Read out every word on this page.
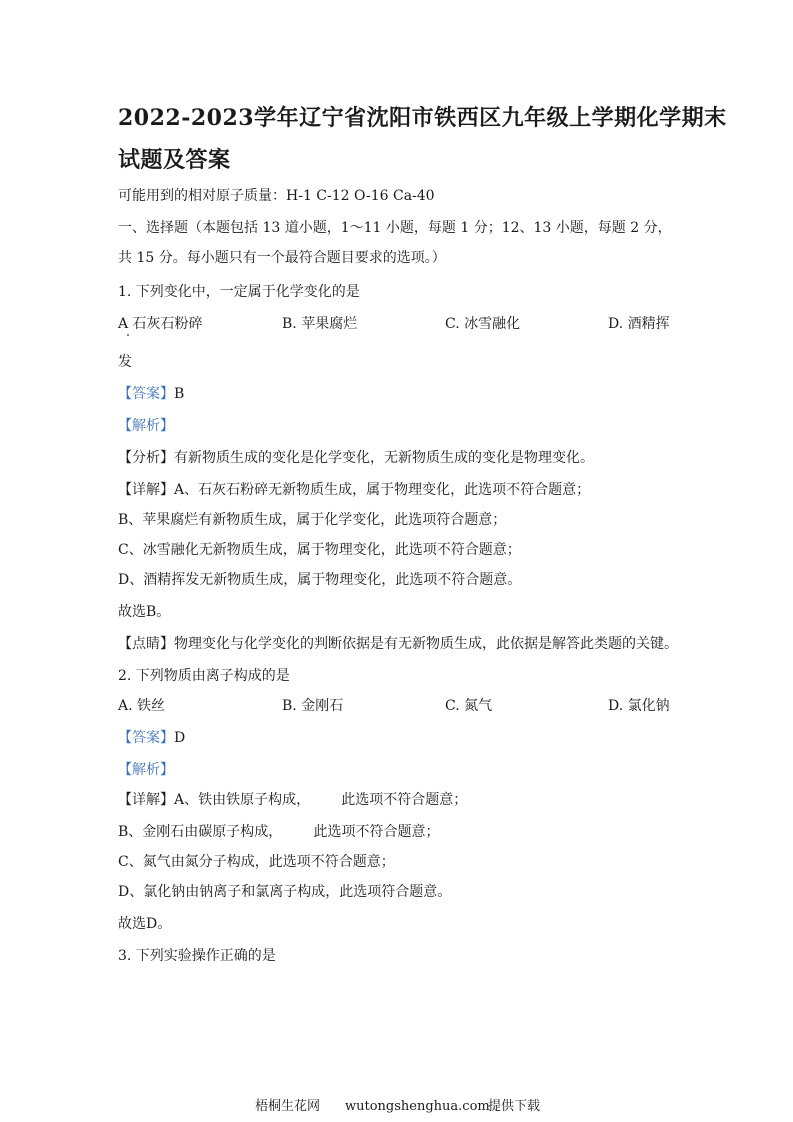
2022-2023学年辽宁省沈阳市铁西区九年级上学期化学期末
试题及答案
可能用到的相对原子质量：H-1 C-12 O-16 Ca-40
一、选择题（本题包括 13 道小题，1～11 小题，每题 1 分；12、13 小题，每题 2 分，
共 15 分。每小题只有一个最符合题目要求的选项。）
1. 下列变化中，一定属于化学变化的是
A 石灰石粉碎	B. 苹果腐烂	C. 冰雪融化	D. 酒精挥
发
【答案】B
【解析】
【分析】有新物质生成的变化是化学变化，无新物质生成的变化是物理变化。
【详解】A、石灰石粉碎无新物质生成，属于物理变化，此选项不符合题意；
B、苹果腐烂有新物质生成，属于化学变化，此选项符合题意；
C、冰雪融化无新物质生成，属于物理变化，此选项不符合题意；
D、酒精挥发无新物质生成，属于物理变化，此选项不符合题意。
故选B。
【点睛】物理变化与化学变化的判断依据是有无新物质生成，此依据是解答此类题的关键。
2. 下列物质由离子构成的是
A. 铁丝	B. 金刚石	C. 氮气	D. 氯化钠
【答案】D
【解析】
【详解】A、铁由铁原子构成，       此选项不符合题意；
B、金刚石由碳原子构成，       此选项不符合题意；
C、氮气由氮分子构成，此选项不符合题意；
D、氯化钠由钠离子和氯离子构成，此选项符合题意。
故选D。
3. 下列实验操作正确的是
梧桐生花网 wutongshenghua.com
提供下载
